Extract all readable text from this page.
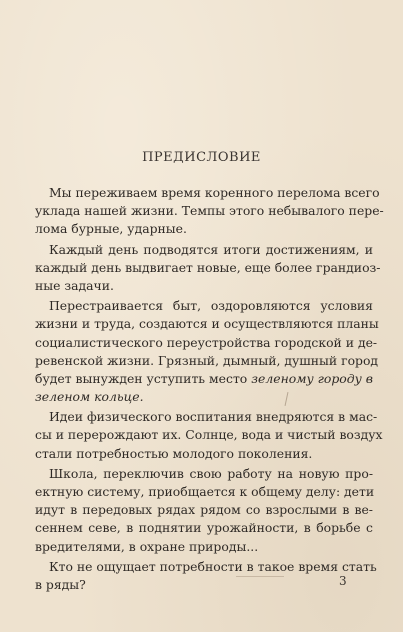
ПРЕДИСЛОВИЕ
Мы переживаем время коренного перелома всего
уклада нашей жизни. Темпы этого небывалого пере-
лома бурные, ударные.
Каждый день подводятся итоги достижениям, и
каждый день выдвигает новые, еще более грандиоз-
ные задачи.
Перестраивается быт, оздоровляются условия
жизни и труда, создаются и осуществляются планы
социалистического переустройства городской и де-
ревенской жизни. Грязный, дымный, душный город
будет вынужден уступить место зеленому городу в
зеленом кольце.
Идеи физического воспитания внедряются в мас-
сы и перерождают их. Солнце, вода и чистый воздух
стали потребностью молодого поколения.
Школа, переключив свою работу на новую про-
ектную систему, приобщается к общему делу: дети
идут в передовых рядах рядом со взрослыми в ве-
сеннем севе, в поднятии урожайности, в борьбе с
вредителями, в охране природы...
Кто не ощущает потребности в такое время стать
в ряды?	3
